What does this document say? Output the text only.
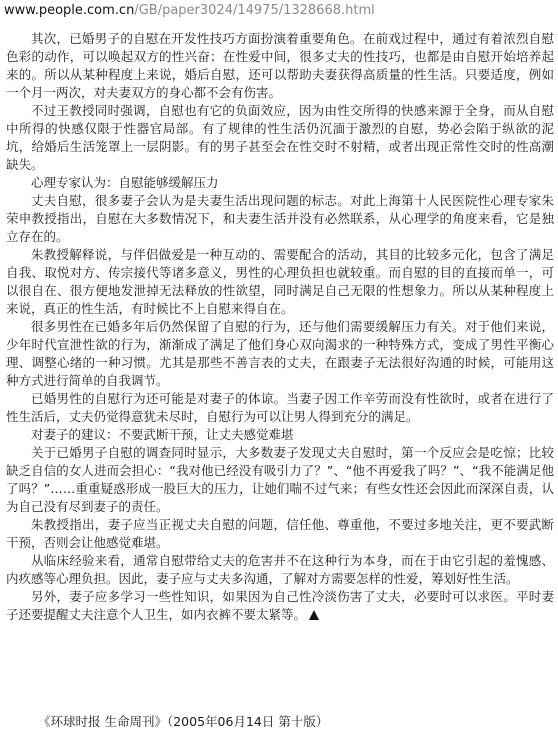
www.people.com.cn/GB/paper3024/14975/1328668.html

其次，已婚男子的自慰在开发性技巧方面扮演着重要角色。在前戏过程中，通过有着浓烈自慰色彩的动作，可以唤起双方的性兴奋；在性爱中间，很多丈夫的性技巧，也都是由自慰开始培养起来的。所以从某种程度上来说，婚后自慰，还可以帮助夫妻获得高质量的性生活。只要适度，例如一个月一两次，对夫妻双方的身心都不会有伤害。

不过王教授同时强调，自慰也有它的负面效应，因为由性交所得的快感来源于全身，而从自慰中所得的快感仅限于性器官局部。有了规律的性生活仍沉湎于激烈的自慰，势必会陷于纵欲的泥坑，给婚后生活笼罩上一层阴影。有的男子甚至会在性交时不射精，或者出现正常性交时的性高潮缺失。

心理专家认为：自慰能够缓解压力

丈夫自慰，很多妻子会认为是夫妻生活出现问题的标志。对此上海第十人民医院性心理专家朱荣申教授指出，自慰在大多数情况下，和夫妻生活并没有必然联系，从心理学的角度来看，它是独立存在的。

朱教授解释说，与伴侣做爱是一种互动的、需要配合的活动，其目的比较多元化，包含了满足自我、取悦对方、传宗接代等诸多意义，男性的心理负担也就较重。而自慰的目的直接而单一，可以很自在、很方便地发泄掉无法释放的性欲望，同时满足自己无限的性想象力。所以从某种程度上来说，真正的性生活，有时候比不上自慰来得自在。

很多男性在已婚多年后仍然保留了自慰的行为，还与他们需要缓解压力有关。对于他们来说，少年时代宣泄性欲的行为，渐渐成了满足了他们身心双向渴求的一种特殊方式，变成了男性平衡心理、调整心绪的一种习惯。尤其是那些不善言表的丈夫，在跟妻子无法很好沟通的时候，可能用这种方式进行简单的自我调节。

已婚男性的自慰行为还可能是对妻子的体谅。当妻子因工作辛劳而没有性欲时，或者在进行了性生活后，丈夫仍觉得意犹未尽时，自慰行为可以让男人得到充分的满足。

对妻子的建议：不要武断干预，让丈夫感觉难堪

关于已婚男子自慰的调查同时显示，大多数妻子发现丈夫自慰时，第一个反应会是吃惊；比较缺乏自信的女人进而会担心：“我对他已经没有吸引力了？”、“他不再爱我了吗？”、“我不能满足他了吗？”……重重疑惑形成一股巨大的压力，让她们喘不过气来；有些女性还会因此而深深自责，认为自己没有尽到妻子的责任。

朱教授指出，妻子应当正视丈夫自慰的问题，信任他、尊重他，不要过多地关注，更不要武断干预，否则会让他感觉难堪。

从临床经验来看，通常自慰带给丈夫的危害并不在这种行为本身，而在于由它引起的羞愧感、内疚感等心理负担。因此，妻子应与丈夫多沟通，了解对方需要怎样的性爱，筹划好性生活。

另外，妻子应多学习一些性知识，如果因为自己性冷淡伤害了丈夫，必要时可以求医。平时妻子还要提醒丈夫注意个人卫生，如内衣裤不要太紧等。

《环球时报 生命周刊》（2005年06月14日 第十版）
